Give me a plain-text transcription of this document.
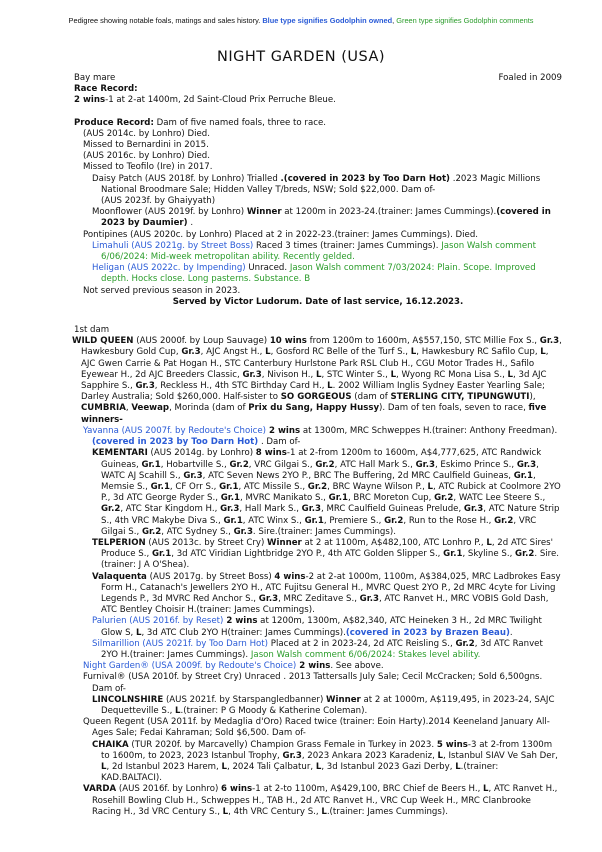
Pedigree showing notable foals, matings and sales history. Blue type signifies Godolphin owned, Green type signifies Godolphin comments
NIGHT GARDEN (USA)
Bay mare	Foaled in 2009
Race Record:
2 wins-1 at 2-at 1400m, 2d Saint-Cloud Prix Perruche Bleue.
Produce Record: Dam of five named foals, three to race.
(AUS 2014c. by Lonhro) Died.
Missed to Bernardini in 2015.
(AUS 2016c. by Lonhro) Died.
Missed to Teofilo (Ire) in 2017.
Daisy Patch (AUS 2018f. by Lonhro) Trialled .(covered in 2023 by Too Darn Hot) .2023 Magic Millions National Broodmare Sale; Hidden Valley T/breds, NSW; Sold $22,000. Dam of-
(AUS 2023f. by Ghaiyyath)
Moonflower (AUS 2019f. by Lonhro) Winner at 1200m in 2023-24.(trainer: James Cummings).(covered in 2023 by Daumier) .
Pontipines (AUS 2020c. by Lonhro) Placed at 2 in 2022-23.(trainer: James Cummings). Died.
Limahuli (AUS 2021g. by Street Boss) Raced 3 times (trainer: James Cummings). Jason Walsh comment 6/06/2024: Mid-week metropolitan ability. Recently gelded.
Heligan (AUS 2022c. by Impending) Unraced. Jason Walsh comment 7/03/2024: Plain. Scope. Improved depth. Hocks close. Long pasterns. Substance. B
Not served previous season in 2023.
Served by Victor Ludorum. Date of last service, 16.12.2023.
1st dam
WILD QUEEN (AUS 2000f. by Loup Sauvage) 10 wins from 1200m to 1600m, A$557,150, STC Millie Fox S., Gr.3, Hawkesbury Gold Cup, Gr.3, AJC Angst H., L, Gosford RC Belle of the Turf S., L, Hawkesbury RC Safilo Cup, L, AJC Gwen Carrie & Pat Hogan H., STC Canterbury Hurlstone Park RSL Club H., CGU Motor Trades H., Safilo Eyewear H., 2d AJC Breeders Classic, Gr.3, Nivison H., L, STC Winter S., L, Wyong RC Mona Lisa S., L, 3d AJC Sapphire S., Gr.3, Reckless H., 4th STC Birthday Card H., L. 2002 William Inglis Sydney Easter Yearling Sale; Darley Australia; Sold $260,000. Half-sister to SO GORGEOUS (dam of STERLING CITY, TIPUNGWUTI), CUMBRIA, Veewap, Morinda (dam of Prix du Sang, Happy Hussy). Dam of ten foals, seven to race, five winners-
Yavanna (AUS 2007f. by Redoute's Choice) 2 wins at 1300m, MRC Schweppes H.(trainer: Anthony Freedman).(covered in 2023 by Too Darn Hot) . Dam of-
KEMENTARI (AUS 2014g. by Lonhro) 8 wins-1 at 2-from 1200m to 1600m, A$4,777,625, ATC Randwick Guineas, Gr.1, Hobartville S., Gr.2, VRC Gilgai S., Gr.2, ATC Hall Mark S., Gr.3, Eskimo Prince S., Gr.3, WATC AJ Scahill S., Gr.3, ATC Seven News 2YO P., BRC The Buffering, 2d MRC Caulfield Guineas, Gr.1, Memsie S., Gr.1, CF Orr S., Gr.1, ATC Missile S., Gr.2, BRC Wayne Wilson P., L, ATC Rubick at Coolmore 2YO P., 3d ATC George Ryder S., Gr.1, MVRC Manikato S., Gr.1, BRC Moreton Cup, Gr.2, WATC Lee Steere S., Gr.2, ATC Star Kingdom H., Gr.3, Hall Mark S., Gr.3, MRC Caulfield Guineas Prelude, Gr.3, ATC Nature Strip S., 4th VRC Makybe Diva S., Gr.1, ATC Winx S., Gr.1, Premiere S., Gr.2, Run to the Rose H., Gr.2, VRC Gilgai S., Gr.2, ATC Sydney S., Gr.3. Sire.(trainer: James Cummings).
TELPERION (AUS 2013c. by Street Cry) Winner at 2 at 1100m, A$482,100, ATC Lonhro P., L, 2d ATC Sires' Produce S., Gr.1, 3d ATC Viridian Lightbridge 2YO P., 4th ATC Golden Slipper S., Gr.1, Skyline S., Gr.2. Sire.(trainer: J A O'Shea).
Valaquenta (AUS 2017g. by Street Boss) 4 wins-2 at 2-at 1000m, 1100m, A$384,025, MRC Ladbrokes Easy Form H., Catanach's Jewellers 2YO H., ATC Fujitsu General H., MVRC Quest 2YO P., 2d MRC 4cyte for Living Legends P., 3d MVRC Red Anchor S., Gr.3, MRC Zeditave S., Gr.3, ATC Ranvet H., MRC VOBIS Gold Dash, ATC Bentley Choisir H.(trainer: James Cummings).
Palurien (AUS 2016f. by Reset) 2 wins at 1200m, 1300m, A$82,340, ATC Heineken 3 H., 2d MRC Twilight Glow S, L, 3d ATC Club 2YO H(trainer: James Cummings).(covered in 2023 by Brazen Beau).
Silmarillion (AUS 2021f. by Too Darn Hot) Placed at 2 in 2023-24, 2d ATC Reisling S., Gr.2, 3d ATC Ranvet 2YO H.(trainer: James Cummings). Jason Walsh comment 6/06/2024: Stakes level ability.
Night Garden® (USA 2009f. by Redoute's Choice) 2 wins. See above.
Furnival® (USA 2010f. by Street Cry) Unraced . 2013 Tattersalls July Sale; Cecil McCracken; Sold 6,500gns. Dam of-
LINCOLNSHIRE (AUS 2021f. by Starspangledbanner) Winner at 2 at 1000m, A$119,495, in 2023-24, SAJC Dequetteville S., L.(trainer: P G Moody & Katherine Coleman).
Queen Regent (USA 2011f. by Medaglia d'Oro) Raced twice (trainer: Eoin Harty).2014 Keeneland January All-Ages Sale; Fedai Kahraman; Sold $6,500. Dam of-
CHAIKA (TUR 2020f. by Marcavelly) Champion Grass Female in Turkey in 2023. 5 wins-3 at 2-from 1300m to 1600m, to 2023, 2023 Istanbul Trophy, Gr.3, 2023 Ankara 2023 Karadeniz, L, Istanbul SIAV Ve Sah Der, L, 2d Istanbul 2023 Harem, L, 2024 Tali Çalbatur, L, 3d Istanbul 2023 Gazi Derby, L.(trainer: KAD.BALTACI).
VARDA (AUS 2016f. by Lonhro) 6 wins-1 at 2-to 1100m, A$429,100, BRC Chief de Beers H., L, ATC Ranvet H., Rosehill Bowling Club H., Schweppes H., TAB H., 2d ATC Ranvet H., VRC Cup Week H., MRC Clanbrooke Racing H., 3d VRC Century S., L, 4th VRC Century S., L.(trainer: James Cummings).
